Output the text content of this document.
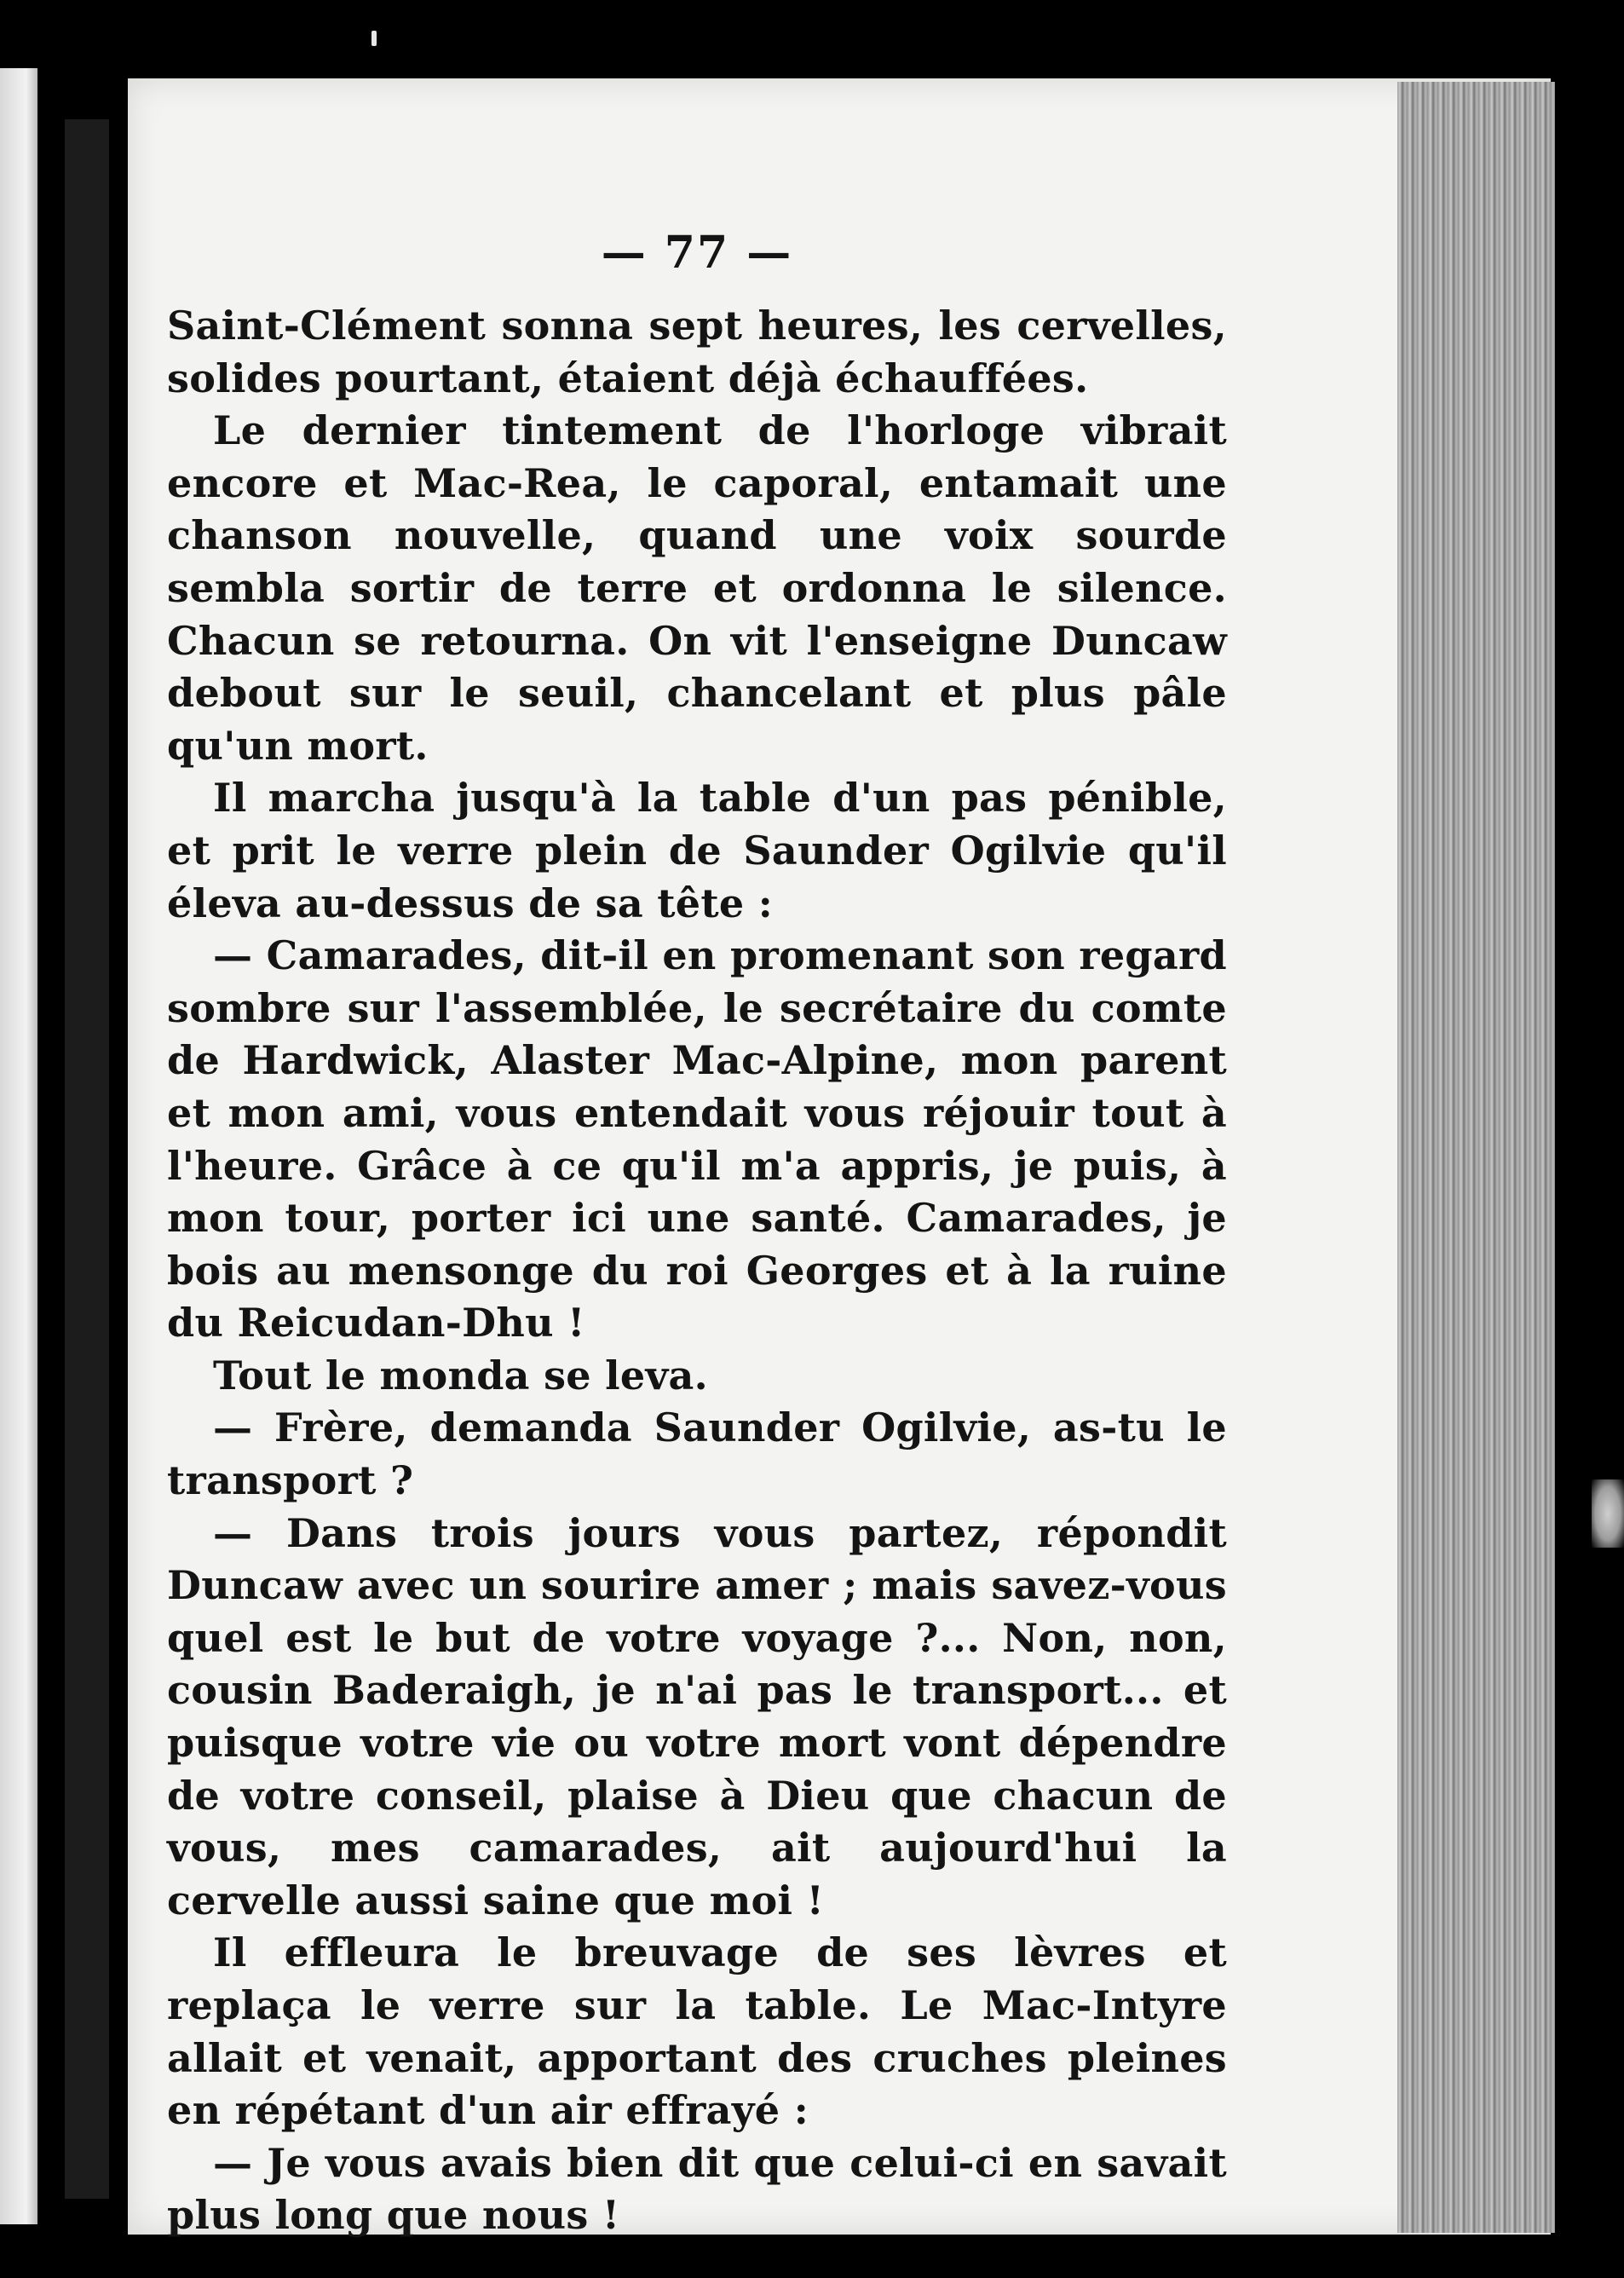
— 77 —

Saint-Clément sonna sept heures, les cervelles, solides pourtant, étaient déjà échauffées.

Le dernier tintement de l'horloge vibrait encore et Mac-Rea, le caporal, entamait une chanson nouvelle, quand une voix sourde sembla sortir de terre et ordonna le silence. Chacun se retourna. On vit l'enseigne Duncaw debout sur le seuil, chancelant et plus pâle qu'un mort.

Il marcha jusqu'à la table d'un pas pénible, et prit le verre plein de Saunder Ogilvie qu'il éleva au-dessus de sa tête :

— Camarades, dit-il en promenant son regard sombre sur l'assemblée, le secrétaire du comte de Hardwick, Alaster Mac-Alpine, mon parent et mon ami, vous entendait vous réjouir tout à l'heure. Grâce à ce qu'il m'a appris, je puis, à mon tour, porter ici une santé. Camarades, je bois au mensonge du roi Georges et à la ruine du Reicudan-Dhu !

Tout le monda se leva.

— Frère, demanda Saunder Ogilvie, as-tu le transport ?

— Dans trois jours vous partez, répondit Duncaw avec un sourire amer ; mais savez-vous quel est le but de votre voyage ?... Non, non, cousin Baderaigh, je n'ai pas le transport... et puisque votre vie ou votre mort vont dépendre de votre conseil, plaise à Dieu que chacun de vous, mes camarades, ait aujourd'hui la cervelle aussi saine que moi !

Il effleura le breuvage de ses lèvres et replaça le verre sur la table. Le Mac-Intyre allait et venait, apportant des cruches pleines en répétant d'un air effrayé :

— Je vous avais bien dit que celui-ci en savait plus long que nous !
